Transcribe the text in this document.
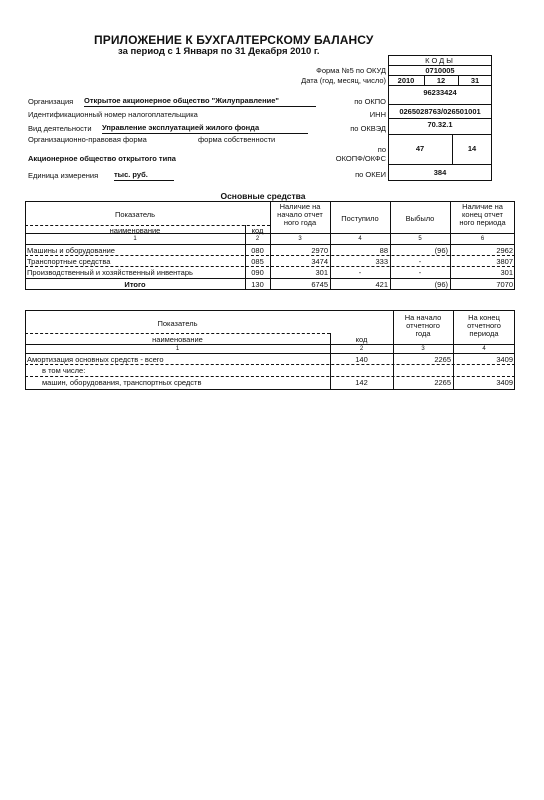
ПРИЛОЖЕНИЕ К БУХГАЛТЕРСКОМУ БАЛАНСУ
за период с 1 Января по 31 Декабря 2010 г.
КОДЫ
0710005
2010	12	31
96233424
0265028763/026501001
70.32.1
47	14
384
Форма №5 по ОКУД
Дата (год, месяц, число)
по ОКПО
ИНН
по ОКВЭД
по
ОКОПФ/ОКФС
по ОКЕИ
Организация Открытое акционерное общество "Жилуправление"
Идентификационный номер налогоплательщика
Вид деятельности Управление эксплуатацией жилого фонда
Организационно-правовая форма	форма собственности
Акционерное общество открытого типа
Единица измерения тыс. руб.
Основные средства
Показатель
наименование	код
Наличие на
начало отчет
ного года	Поступило	Выбыло
Наличие на
конец отчет
ного периода
1	2	3	4	5	6
Машины и оборудование	080	2970	88	(96)	2962
Транспортные средства	085	3474	333	-	3807
Производственный и хозяйственный инвентарь	090	301	-	-	301
Итого	130	6745	421	(96)	7070
Показатель
наименование	код
На начало
отчетного
года
На конец
отчетного
периода
1	2	3	4
Амортизация основных средств - всего	140	2265	3409
в том числе:
машин, оборудования, транспортных средств	142	2265	3409
